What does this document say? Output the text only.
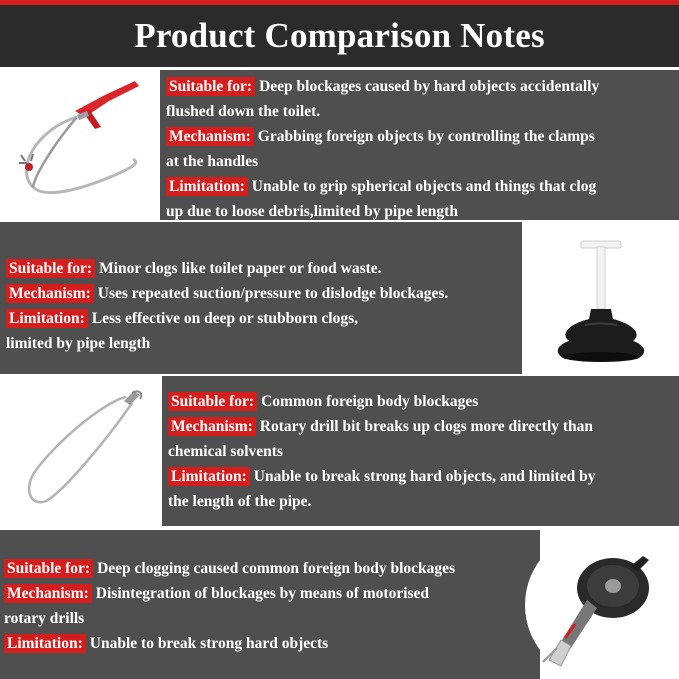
Product Comparison Notes
Suitable for: Deep blockages caused by hard objects accidentally
flushed down the toilet.
Mechanism: Grabbing foreign objects by controlling the clamps
at the handles
Limitation: Unable to grip spherical objects and things that clog
up due to loose debris,limited by pipe length
Suitable for: Minor clogs like toilet paper or food waste.
Mechanism: Uses repeated suction/pressure to dislodge blockages.
Limitation: Less effective on deep or stubborn clogs,
limited by pipe length
Suitable for: Common foreign body blockages
Mechanism: Rotary drill bit breaks up clogs more directly than
chemical solvents
Limitation: Unable to break strong hard objects, and limited by
the length of the pipe.
Suitable for: Deep clogging caused common foreign body blockages
Mechanism: Disintegration of blockages by means of motorised
rotary drills
Limitation: Unable to break strong hard objects
